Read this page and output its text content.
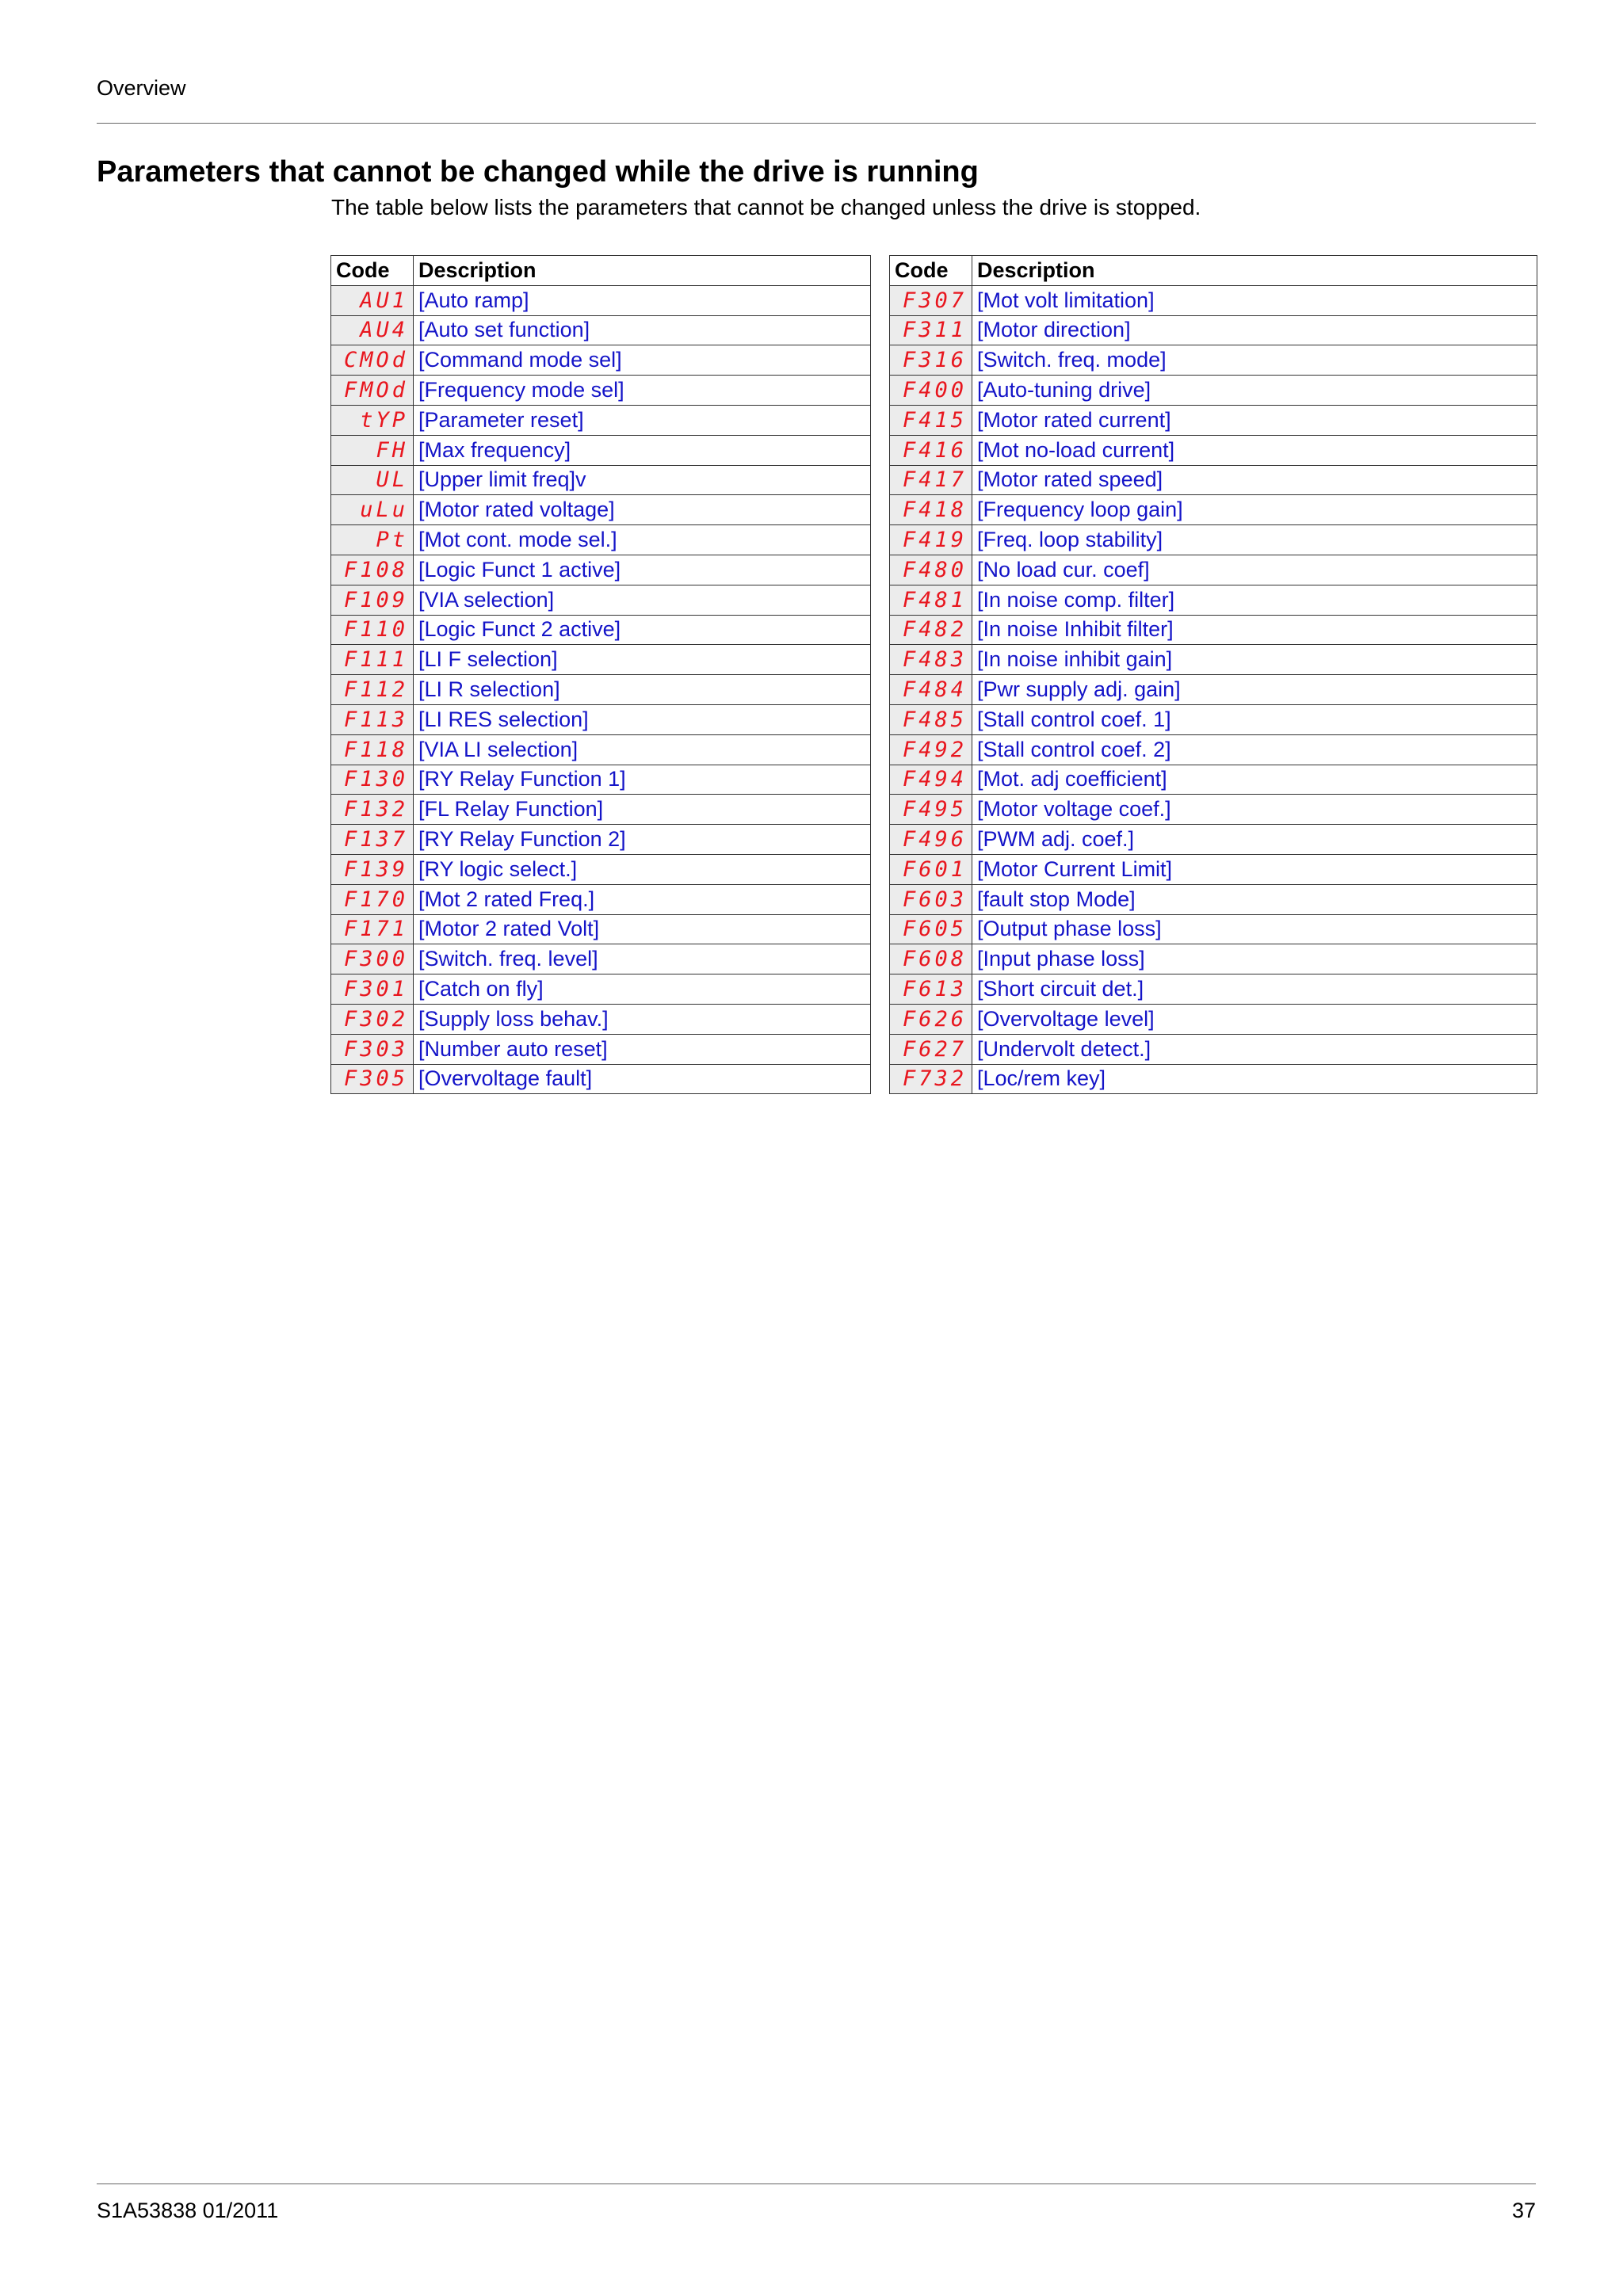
Overview
Parameters that cannot be changed while the drive is running
The table below lists the parameters that cannot be changed unless the drive is stopped.
Code	Description
AU1	[Auto ramp]
AU4	[Auto set function]
CMOd	[Command mode sel]
FMOd	[Frequency mode sel]
tYP	[Parameter reset]
FH	[Max frequency]
UL	[Upper limit freq]v
uLu	[Motor rated voltage]
Pt	[Mot cont. mode sel.]
F108	[Logic Funct 1 active]
F109	[VIA selection]
F110	[Logic Funct 2 active]
F111	[LI F selection]
F112	[LI R selection]
F113	[LI RES selection]
F118	[VIA LI selection]
F130	[RY Relay Function 1]
F132	[FL Relay Function]
F137	[RY Relay Function 2]
F139	[RY logic select.]
F170	[Mot 2 rated Freq.]
F171	[Motor 2 rated Volt]
F300	[Switch. freq. level]
F301	[Catch on fly]
F302	[Supply loss behav.]
F303	[Number auto reset]
F305	[Overvoltage fault]
Code	Description
F307	[Mot volt limitation]
F311	[Motor direction]
F316	[Switch. freq. mode]
F400	[Auto-tuning drive]
F415	[Motor rated current]
F416	[Mot no-load current]
F417	[Motor rated speed]
F418	[Frequency loop gain]
F419	[Freq. loop stability]
F480	[No load cur. coef]
F481	[In noise comp. filter]
F482	[In noise Inhibit filter]
F483	[In noise inhibit gain]
F484	[Pwr supply adj. gain]
F485	[Stall control coef. 1]
F492	[Stall control coef. 2]
F494	[Mot. adj coefficient]
F495	[Motor voltage coef.]
F496	[PWM adj. coef.]
F601	[Motor Current Limit]
F603	[fault stop Mode]
F605	[Output phase loss]
F608	[Input phase loss]
F613	[Short circuit det.]
F626	[Overvoltage level]
F627	[Undervolt detect.]
F732	[Loc/rem key]
S1A53838 01/2011	37
